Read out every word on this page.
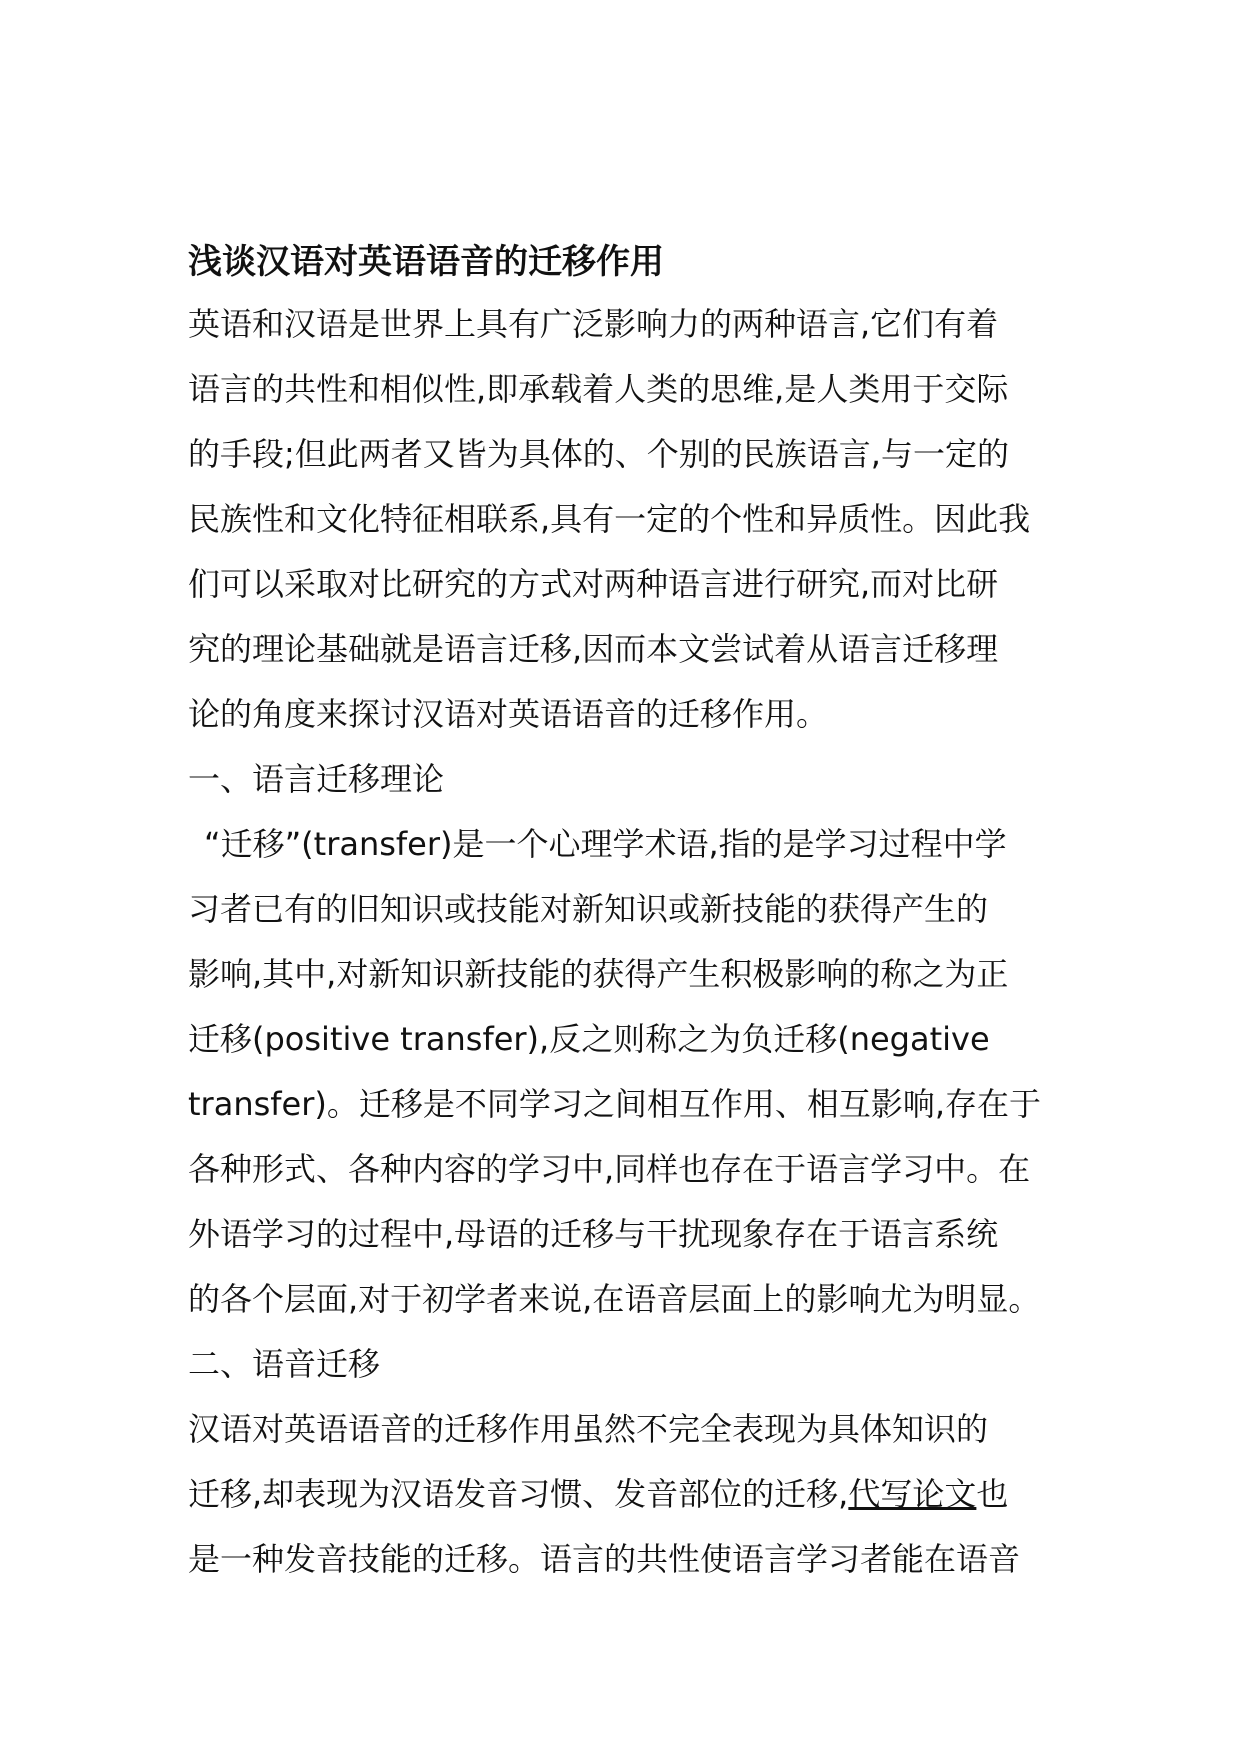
浅谈汉语对英语语音的迁移作用

英语和汉语是世界上具有广泛影响力的两种语言,它们有着

语言的共性和相似性,即承载着人类的思维,是人类用于交际

的手段;但此两者又皆为具体的、个别的民族语言,与一定的

民族性和文化特征相联系,具有一定的个性和异质性。因此我

们可以采取对比研究的方式对两种语言进行研究,而对比研

究的理论基础就是语言迁移,因而本文尝试着从语言迁移理

论的角度来探讨汉语对英语语音的迁移作用。

一、语言迁移理论

“迁移”(transfer)是一个心理学术语,指的是学习过程中学

习者已有的旧知识或技能对新知识或新技能的获得产生的

影响,其中,对新知识新技能的获得产生积极影响的称之为正

迁移(positive transfer),反之则称之为负迁移(negative

transfer)。迁移是不同学习之间相互作用、相互影响,存在于

各种形式、各种内容的学习中,同样也存在于语言学习中。在

外语学习的过程中,母语的迁移与干扰现象存在于语言系统

的各个层面,对于初学者来说,在语音层面上的影响尤为明显。

二、语音迁移

汉语对英语语音的迁移作用虽然不完全表现为具体知识的

迁移,却表现为汉语发音习惯、发音部位的迁移,代写论文也

是一种发音技能的迁移。语言的共性使语言学习者能在语音
